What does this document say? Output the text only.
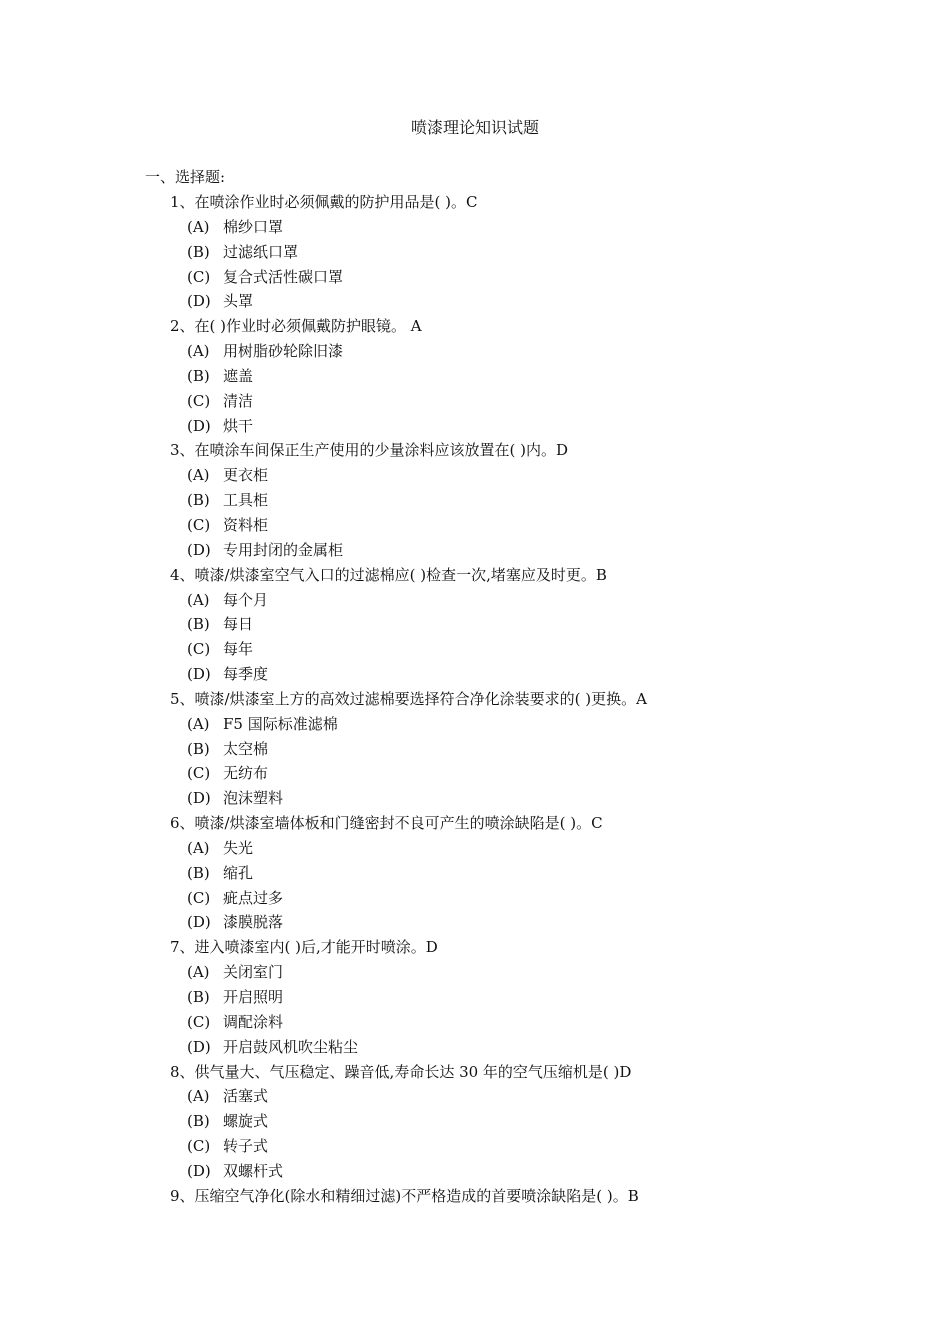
喷漆理论知识试题
一、选择题:
1、在喷涂作业时必须佩戴的防护用品是( )。C
(A) 棉纱口罩
(B) 过滤纸口罩
(C) 复合式活性碳口罩
(D) 头罩
2、在( )作业时必须佩戴防护眼镜。 A
(A) 用树脂砂轮除旧漆
(B) 遮盖
(C) 清洁
(D) 烘干
3、在喷涂车间保正生产使用的少量涂料应该放置在( )内。D
(A) 更衣柜
(B) 工具柜
(C) 资料柜
(D) 专用封闭的金属柜
4、喷漆/烘漆室空气入口的过滤棉应( )检查一次,堵塞应及时更。B
(A) 每个月
(B) 每日
(C) 每年
(D) 每季度
5、喷漆/烘漆室上方的高效过滤棉要选择符合净化涂装要求的( )更换。A
(A) F5 国际标准滤棉
(B) 太空棉
(C) 无纺布
(D) 泡沫塑料
6、喷漆/烘漆室墙体板和门缝密封不良可产生的喷涂缺陷是( )。C
(A) 失光
(B) 缩孔
(C) 疵点过多
(D) 漆膜脱落
7、进入喷漆室内( )后,才能开时喷涂。D
(A) 关闭室门
(B) 开启照明
(C) 调配涂料
(D) 开启鼓风机吹尘粘尘
8、供气量大、气压稳定、躁音低,寿命长达 30 年的空气压缩机是( )D
(A) 活塞式
(B) 螺旋式
(C) 转子式
(D) 双螺杆式
9、压缩空气净化(除水和精细过滤)不严格造成的首要喷涂缺陷是( )。B
